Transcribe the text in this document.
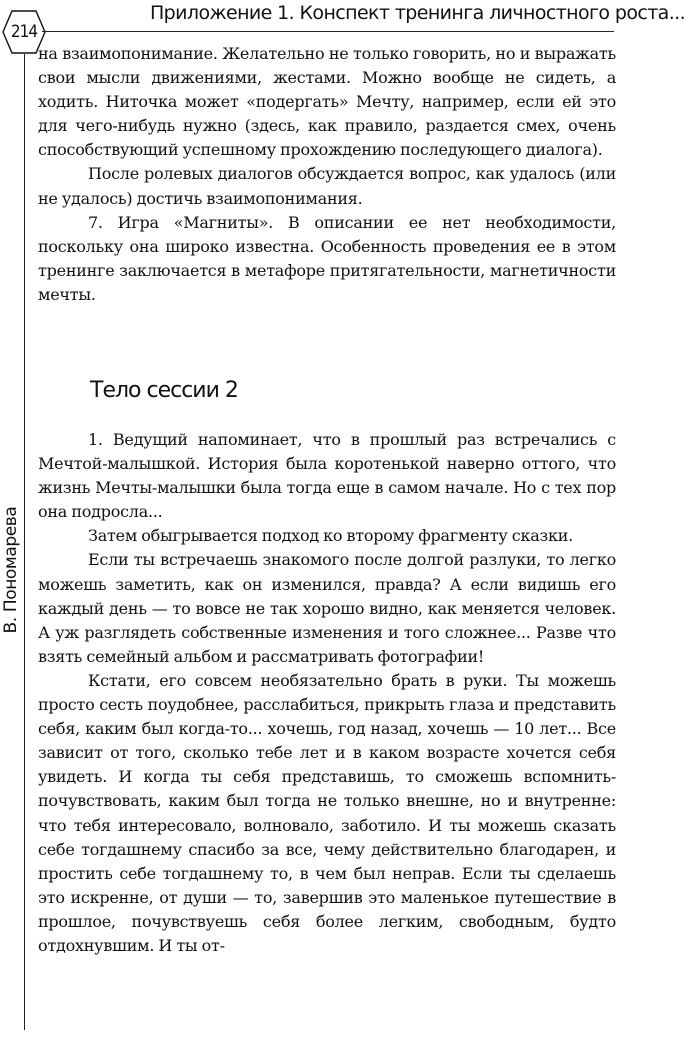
214
Приложение 1. Конспект тренинга личностного роста...
В. Пономарева

на взаимопонимание. Желательно не только говорить, но и выражать свои мысли движениями, жестами. Можно вообще не сидеть, а ходить. Ниточка может «подергать» Мечту, например, если ей это для чего-нибудь нужно (здесь, как правило, раздается смех, очень способствующий успешному прохождению последующего диалога).

После ролевых диалогов обсуждается вопрос, как удалось (или не удалось) достичь взаимопонимания.

7. Игра «Магниты». В описании ее нет необходимости, поскольку она широко известна. Особенность проведения ее в этом тренинге заключается в метафоре притягательности, магнетичности мечты.

Тело сессии 2

1. Ведущий напоминает, что в прошлый раз встречались с Мечтой-малышкой. История была коротенькой наверно оттого, что жизнь Мечты-малышки была тогда еще в самом начале. Но с тех пор она подросла...

Затем обыгрывается подход ко второму фрагменту сказки.

Если ты встречаешь знакомого после долгой разлуки, то легко можешь заметить, как он изменился, правда? А если видишь его каждый день — то вовсе не так хорошо видно, как меняется человек. А уж разглядеть собственные изменения и того сложнее... Разве что взять семейный альбом и рассматривать фотографии!

Кстати, его совсем необязательно брать в руки. Ты можешь просто сесть поудобнее, расслабиться, прикрыть глаза и представить себя, каким был когда-то... хочешь, год назад, хочешь — 10 лет... Все зависит от того, сколько тебе лет и в каком возрасте хочется себя увидеть. И когда ты себя представишь, то сможешь вспомнить-почувствовать, каким был тогда не только внешне, но и внутренне: что тебя интересовало, волновало, заботило. И ты можешь сказать себе тогдашнему спасибо за все, чему действительно благодарен, и простить себе тогдашнему то, в чем был неправ. Если ты сделаешь это искренне, от души — то, завершив это маленькое путешествие в прошлое, почувствуешь себя более легким, свободным, будто отдохнувшим. И ты от-
